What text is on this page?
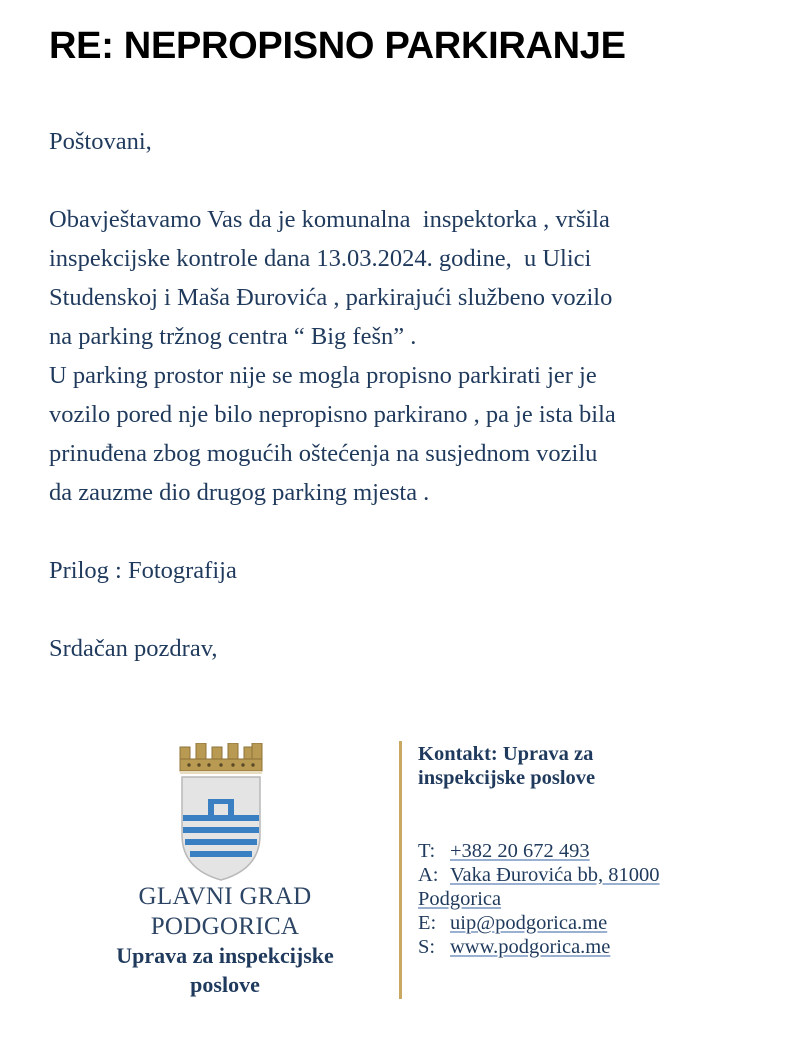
RE: NEPROPISNO PARKIRANJE

Poštovani,

Obavještavamo Vas da je komunalna  inspektorka , vršila
inspekcijske kontrole dana 13.03.2024. godine,  u Ulici
Studenskoj i Maša Đurovića , parkirajući službeno vozilo
na parking tržnog centra “ Big fešn” .
U parking prostor nije se mogla propisno parkirati jer je
vozilo pored nje bilo nepropisno parkirano , pa je ista bila
prinuđena zbog mogućih oštećenja na susjednom vozilu
da zauzme dio drugog parking mjesta .

Prilog : Fotografija

Srdačan pozdrav,

GLAVNI GRAD
PODGORICA
Uprava za inspekcijske
poslove
Kontakt: Uprava za
inspekcijske poslove
T: +382 20 672 493
A: Vaka Đurovića bb, 81000
Podgorica
E: uip@podgorica.me
S: www.podgorica.me
